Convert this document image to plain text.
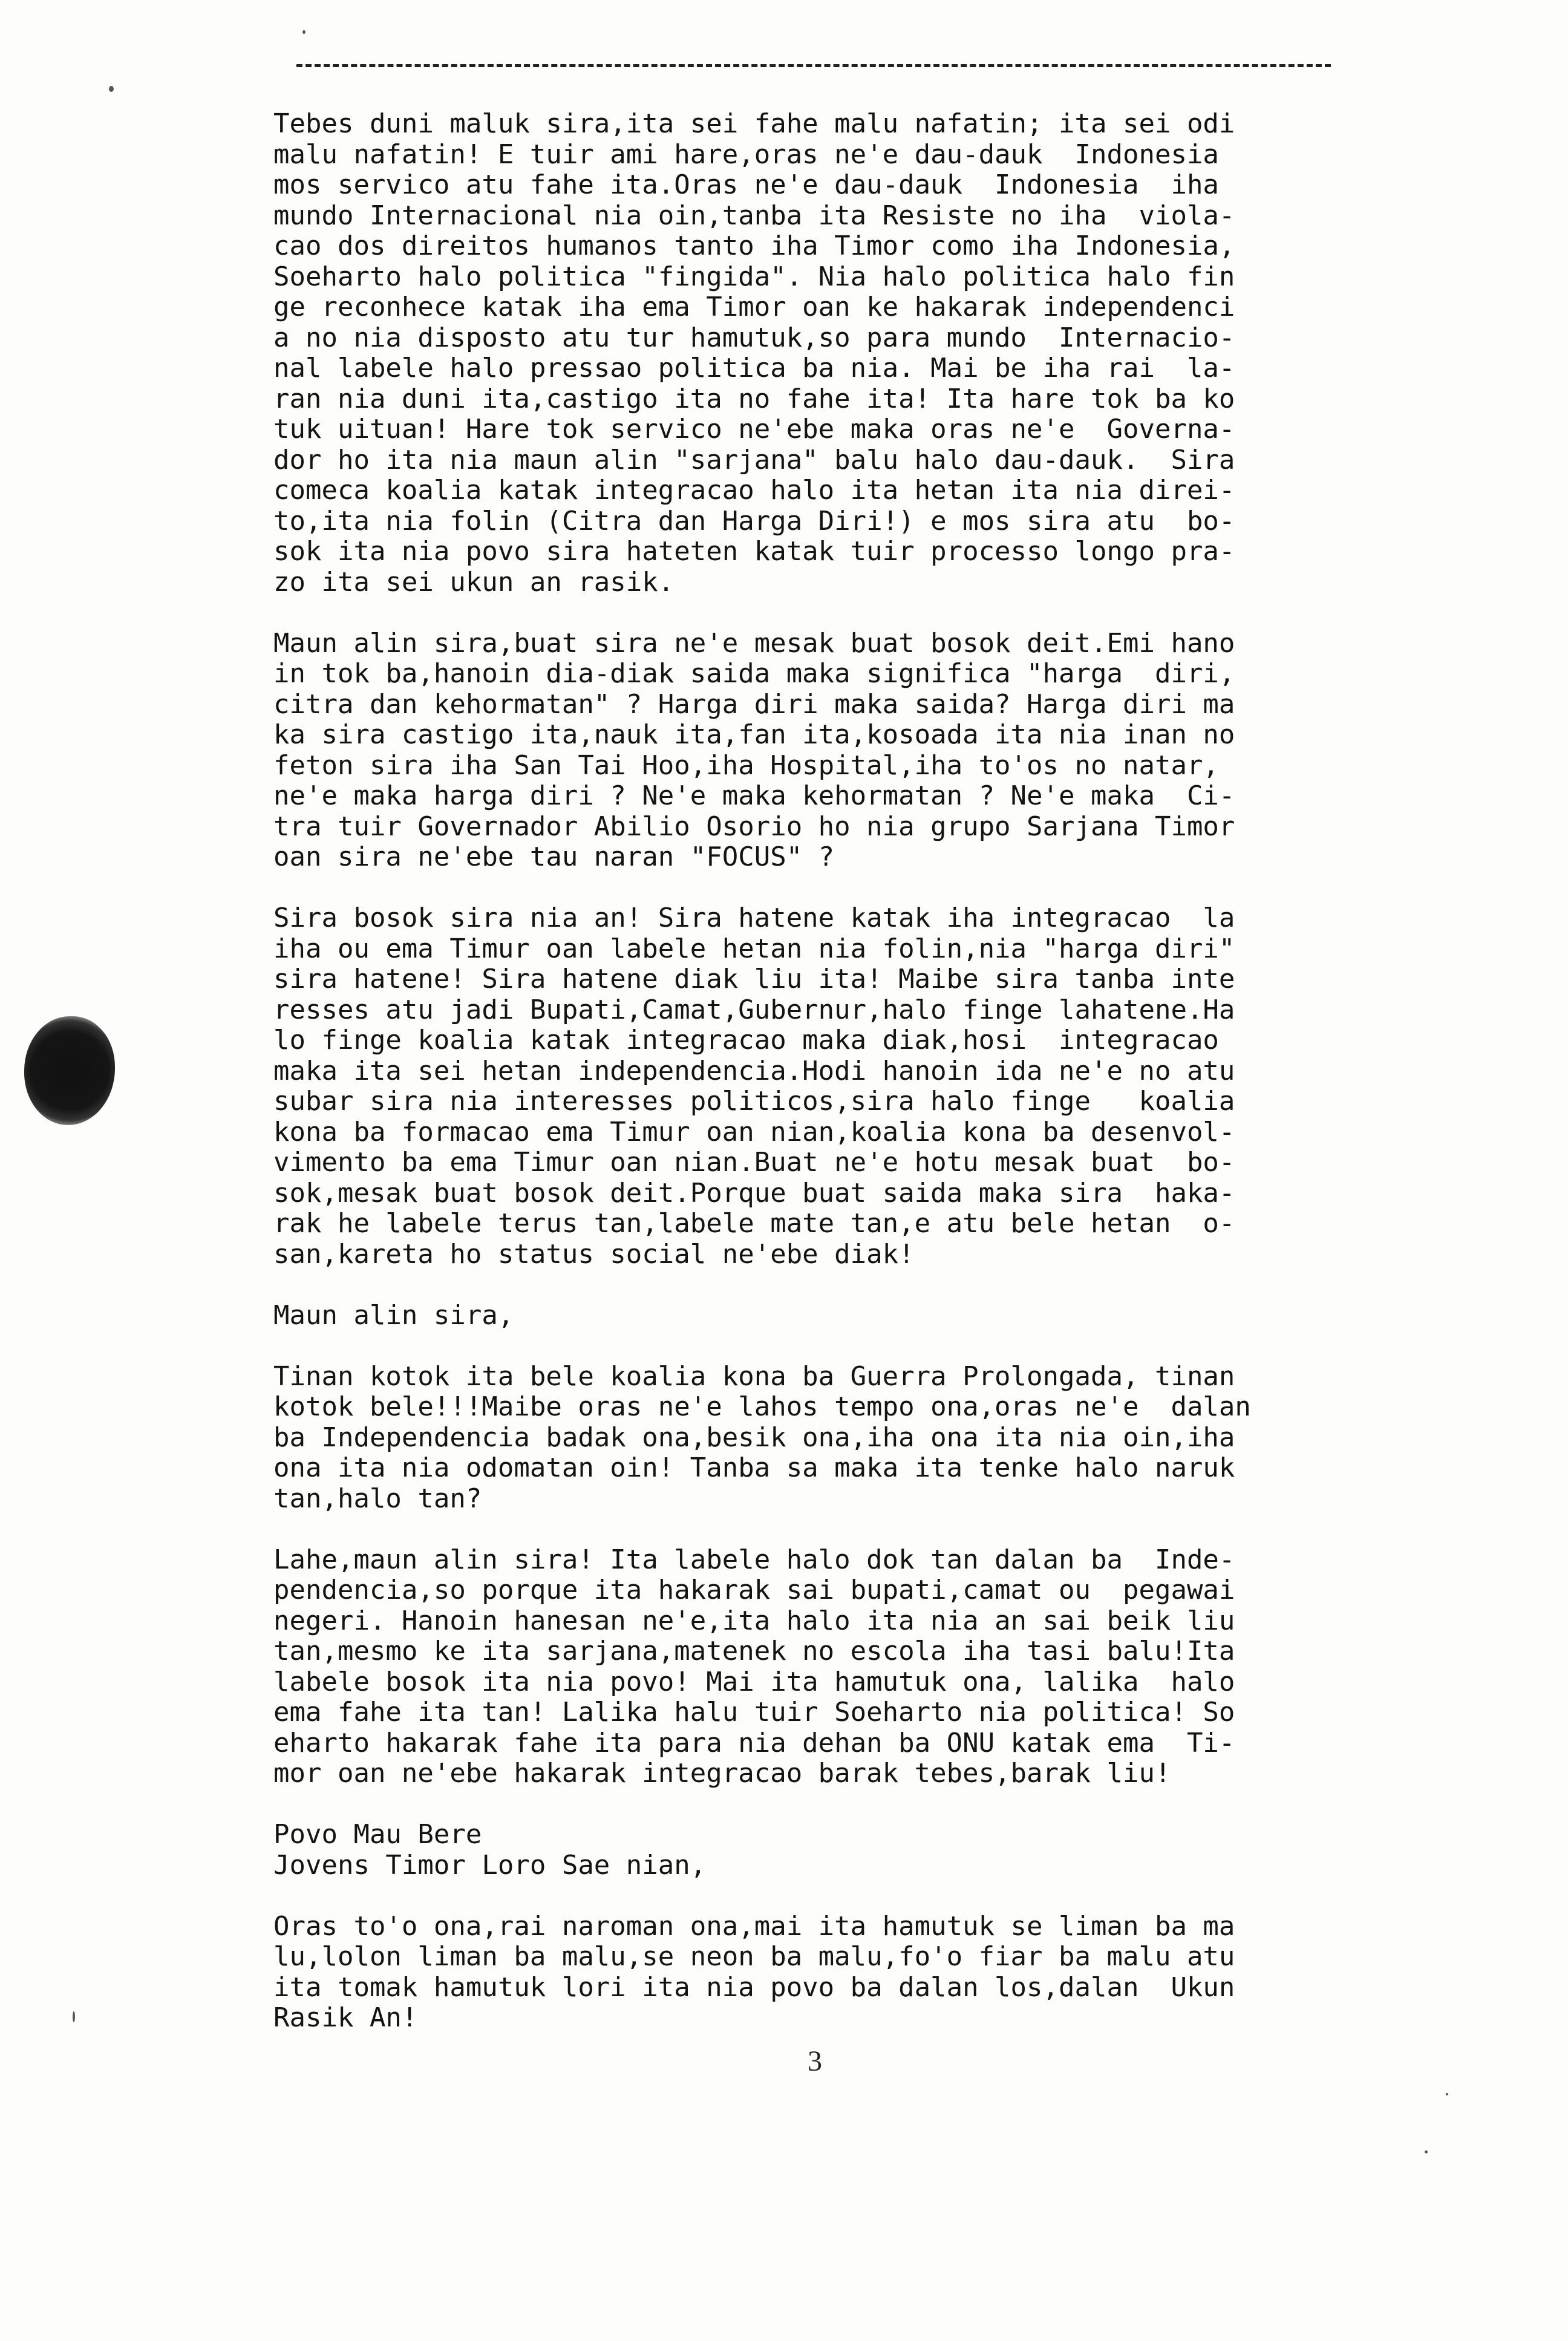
Tebes duni maluk sira,ita sei fahe malu nafatin; ita sei odi
malu nafatin! E tuir ami hare,oras ne'e dau-dauk  Indonesia
mos servico atu fahe ita.Oras ne'e dau-dauk  Indonesia  iha
mundo Internacional nia oin,tanba ita Resiste no iha  viola-
cao dos direitos humanos tanto iha Timor como iha Indonesia,
Soeharto halo politica "fingida". Nia halo politica halo fin
ge reconhece katak iha ema Timor oan ke hakarak independenci
a no nia disposto atu tur hamutuk,so para mundo  Internacio-
nal labele halo pressao politica ba nia. Mai be iha rai  la-
ran nia duni ita,castigo ita no fahe ita! Ita hare tok ba ko
tuk uituan! Hare tok servico ne'ebe maka oras ne'e  Governa-
dor ho ita nia maun alin "sarjana" balu halo dau-dauk.  Sira
comeca koalia katak integracao halo ita hetan ita nia direi-
to,ita nia folin (Citra dan Harga Diri!) e mos sira atu  bo-
sok ita nia povo sira hateten katak tuir processo longo pra-
zo ita sei ukun an rasik.
Maun alin sira,buat sira ne'e mesak buat bosok deit.Emi hano
in tok ba,hanoin dia-diak saida maka significa "harga  diri,
citra dan kehormatan" ? Harga diri maka saida? Harga diri ma
ka sira castigo ita,nauk ita,fan ita,kosoada ita nia inan no
feton sira iha San Tai Hoo,iha Hospital,iha to'os no natar,
ne'e maka harga diri ? Ne'e maka kehormatan ? Ne'e maka  Ci-
tra tuir Governador Abilio Osorio ho nia grupo Sarjana Timor
oan sira ne'ebe tau naran "FOCUS" ?
Sira bosok sira nia an! Sira hatene katak iha integracao  la
iha ou ema Timur oan labele hetan nia folin,nia "harga diri"
sira hatene! Sira hatene diak liu ita! Maibe sira tanba inte
resses atu jadi Bupati,Camat,Gubernur,halo finge lahatene.Ha
lo finge koalia katak integracao maka diak,hosi  integracao
maka ita sei hetan independencia.Hodi hanoin ida ne'e no atu
subar sira nia interesses politicos,sira halo finge   koalia
kona ba formacao ema Timur oan nian,koalia kona ba desenvol-
vimento ba ema Timur oan nian.Buat ne'e hotu mesak buat  bo-
sok,mesak buat bosok deit.Porque buat saida maka sira  haka-
rak he labele terus tan,labele mate tan,e atu bele hetan  o-
san,kareta ho status social ne'ebe diak!
Maun alin sira,
Tinan kotok ita bele koalia kona ba Guerra Prolongada, tinan
kotok bele!!!Maibe oras ne'e lahos tempo ona,oras ne'e  dalan
ba Independencia badak ona,besik ona,iha ona ita nia oin,iha
ona ita nia odomatan oin! Tanba sa maka ita tenke halo naruk
tan,halo tan?
Lahe,maun alin sira! Ita labele halo dok tan dalan ba  Inde-
pendencia,so porque ita hakarak sai bupati,camat ou  pegawai
negeri. Hanoin hanesan ne'e,ita halo ita nia an sai beik liu
tan,mesmo ke ita sarjana,matenek no escola iha tasi balu!Ita
labele bosok ita nia povo! Mai ita hamutuk ona, lalika  halo
ema fahe ita tan! Lalika halu tuir Soeharto nia politica! So
eharto hakarak fahe ita para nia dehan ba ONU katak ema  Ti-
mor oan ne'ebe hakarak integracao barak tebes,barak liu!
Povo Mau Bere
Jovens Timor Loro Sae nian,
Oras to'o ona,rai naroman ona,mai ita hamutuk se liman ba ma
lu,lolon liman ba malu,se neon ba malu,fo'o fiar ba malu atu
ita tomak hamutuk lori ita nia povo ba dalan los,dalan  Ukun
Rasik An!
3
